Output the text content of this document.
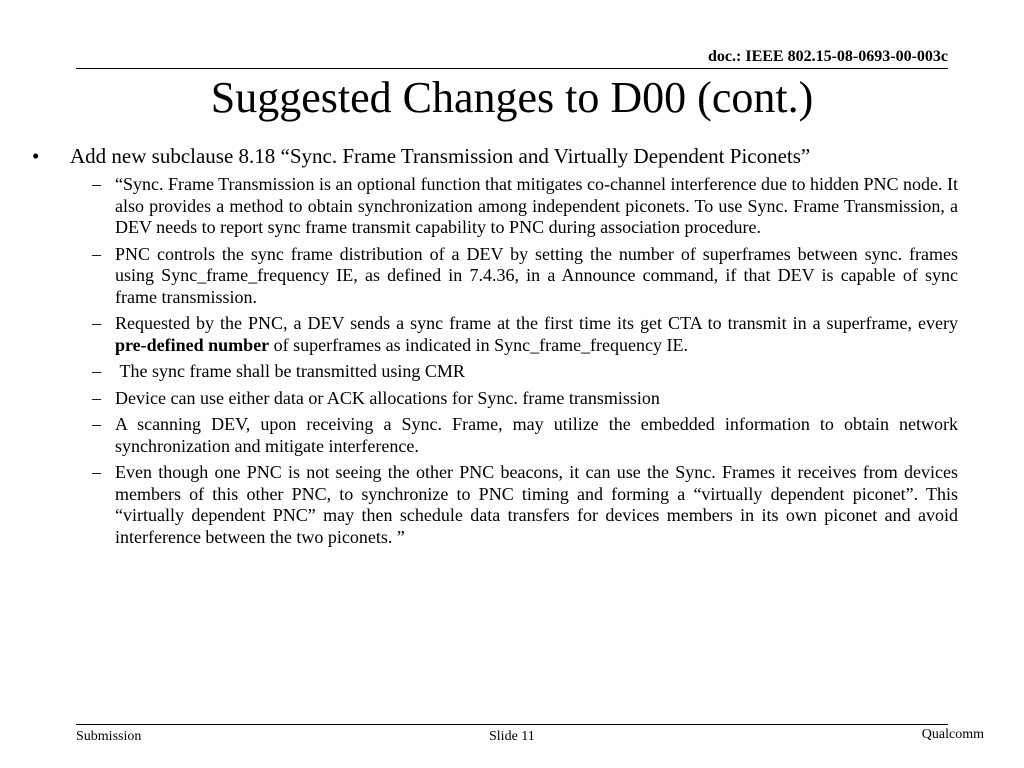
doc.: IEEE 802.15-08-0693-00-003c
Suggested Changes to D00 (cont.)
•	Add new subclause 8.18 “Sync. Frame Transmission and Virtually Dependent Piconets”
– “Sync. Frame Transmission is an optional function that mitigates co-channel interference due to hidden PNC node. It also provides a method to obtain synchronization among independent piconets. To use Sync. Frame Transmission, a DEV needs to report sync frame transmit capability to PNC during association procedure.
– PNC controls the sync frame distribution of a DEV by setting the number of superframes between sync. frames using Sync_frame_frequency IE, as defined in 7.4.36, in a Announce command, if that DEV is capable of sync frame transmission.
– Requested by the PNC, a DEV sends a sync frame at the first time its get CTA to transmit in a superframe, every pre-defined number of superframes as indicated in Sync_frame_frequency IE.
– The sync frame shall be transmitted using CMR
– Device can use either data or ACK allocations for Sync. frame transmission
– A scanning DEV, upon receiving a Sync. Frame, may utilize the embedded information to obtain network synchronization and mitigate interference.
– Even though one PNC is not seeing the other PNC beacons, it can use the Sync. Frames it receives from devices members of this other PNC, to synchronize to PNC timing and forming a “virtually dependent piconet”. This “virtually dependent PNC” may then schedule data transfers for devices members in its own piconet and avoid interference between the two piconets. ”
Submission	Slide 11	Qualcomm
